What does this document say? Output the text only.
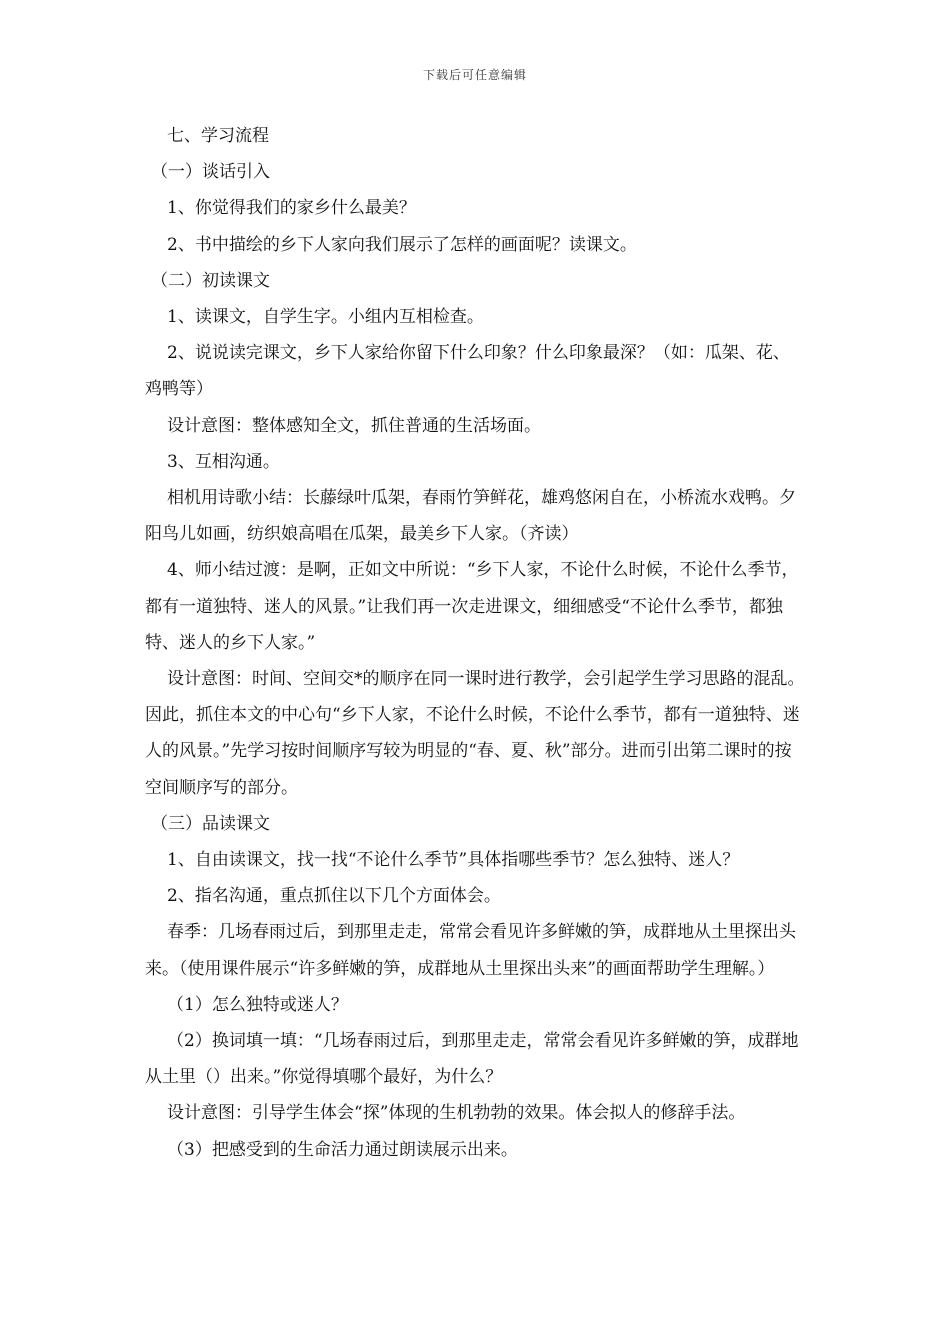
下载后可任意编辑

七、学习流程

（一）谈话引入

1、你觉得我们的家乡什么最美？

2、书中描绘的乡下人家向我们展示了怎样的画面呢？读课文。

（二）初读课文

1、读课文，自学生字。小组内互相检查。

2、说说读完课文，乡下人家给你留下什么印象？什么印象最深？（如：瓜架、花、鸡鸭等）

设计意图：整体感知全文，抓住普通的生活场面。

3、互相沟通。

相机用诗歌小结：长藤绿叶瓜架，春雨竹笋鲜花，雄鸡悠闲自在，小桥流水戏鸭。夕阳鸟儿如画，纺织娘高唱在瓜架，最美乡下人家。（齐读）

4、师小结过渡：是啊，正如文中所说：“乡下人家，不论什么时候，不论什么季节，都有一道独特、迷人的风景。”让我们再一次走进课文，细细感受“不论什么季节，都独特、迷人的乡下人家。”

设计意图：时间、空间交*的顺序在同一课时进行教学，会引起学生学习思路的混乱。因此，抓住本文的中心句“乡下人家，不论什么时候，不论什么季节，都有一道独特、迷人的风景。”先学习按时间顺序写较为明显的“春、夏、秋”部分。进而引出第二课时的按空间顺序写的部分。

（三）品读课文

1、自由读课文，找一找“不论什么季节”具体指哪些季节？怎么独特、迷人？

2、指名沟通，重点抓住以下几个方面体会。

春季：几场春雨过后，到那里走走，常常会看见许多鲜嫩的笋，成群地从土里探出头来。（使用课件展示“许多鲜嫩的笋，成群地从土里探出头来”的画面帮助学生理解。）

（1）怎么独特或迷人？

（2）换词填一填：“几场春雨过后，到那里走走，常常会看见许多鲜嫩的笋，成群地从土里（）出来。”你觉得填哪个最好，为什么？

设计意图：引导学生体会“探”体现的生机勃勃的效果。体会拟人的修辞手法。

（3）把感受到的生命活力通过朗读展示出来。
